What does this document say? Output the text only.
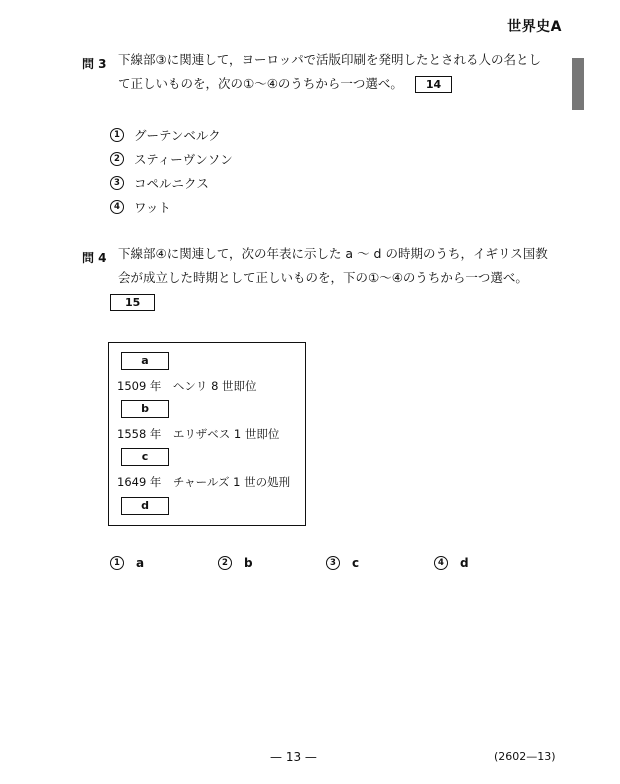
世界史A
問 3 下線部③に関連して，ヨーロッパで活版印刷を発明したとされる人の名とし
て正しいものを，次の①～④のうちから一つ選べ。 14
1	グーテンベルク
2	スティーヴンソン
3	コペルニクス
4	ワット
問 4 下線部④に関連して，次の年表に示した a ～ d の時期のうち，イギリス国教
会が成立した時期として正しいものを，下の①～④のうちから一つ選べ。
15
a
1509 年　ヘンリ 8 世即位
b
1558 年　エリザベス 1 世即位
c
1649 年　チャールズ 1 世の処刑
d
1	a	2	b	3	c	4	d
— 13 —	(2602—13)
